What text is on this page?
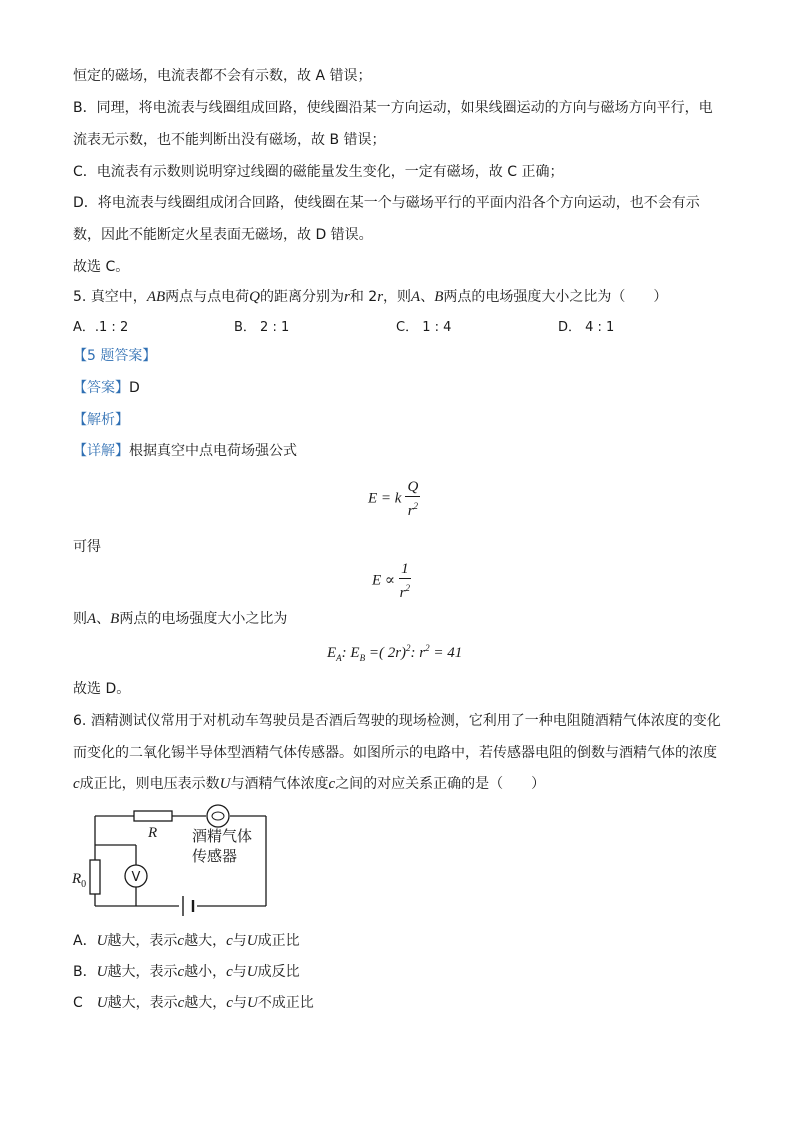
恒定的磁场，电流表都不会有示数，故 A 错误；
B．同理，将电流表与线圈组成回路，使线圈沿某一方向运动，如果线圈运动的方向与磁场方向平行，电
流表无示数，也不能判断出没有磁场，故 B 错误；
C．电流表有示数则说明穿过线圈的磁能量发生变化，一定有磁场，故 C 正确；
D．将电流表与线圈组成闭合回路，使线圈在某一个与磁场平行的平面内沿各个方向运动，也不会有示
数，因此不能断定火星表面无磁场，故 D 错误。
故选 C。
5. 真空中，AB两点与点电荷Q的距离分别为r和 2r，则A、B两点的电场强度大小之比为（　　）
A．.1 : 2	B． 2 : 1	C． 1 : 4	D． 4 : 1
【5 题答案】
【答案】D
【解析】
【详解】根据真空中点电荷场强公式
E = k $\frac{Q}{r^2}$
可得
$E \propto \frac{1}{r^2}$
则A、B两点的电场强度大小之比为
$E_A$: $E_B$ =( 2r)$^2$: $r^2 = 41$
故选 D。
6. 酒精测试仪常用于对机动车驾驶员是否酒后驾驶的现场检测，它利用了一种电阻随酒精气体浓度的变化
而变化的二氧化锡半导体型酒精气体传感器。如图所示的电路中，若传感器电阻的倒数与酒精气体的浓度
c成正比，则电压表示数U与酒精气体浓度c之间的对应关系正确的是（　　）
V
R
$R_0$
酒精气体
传感器
A．U越大，表示c越大，c与U成正比
B．U越大，表示c越小，c与U成反比
C　U越大，表示c越大，c与U不成正比
